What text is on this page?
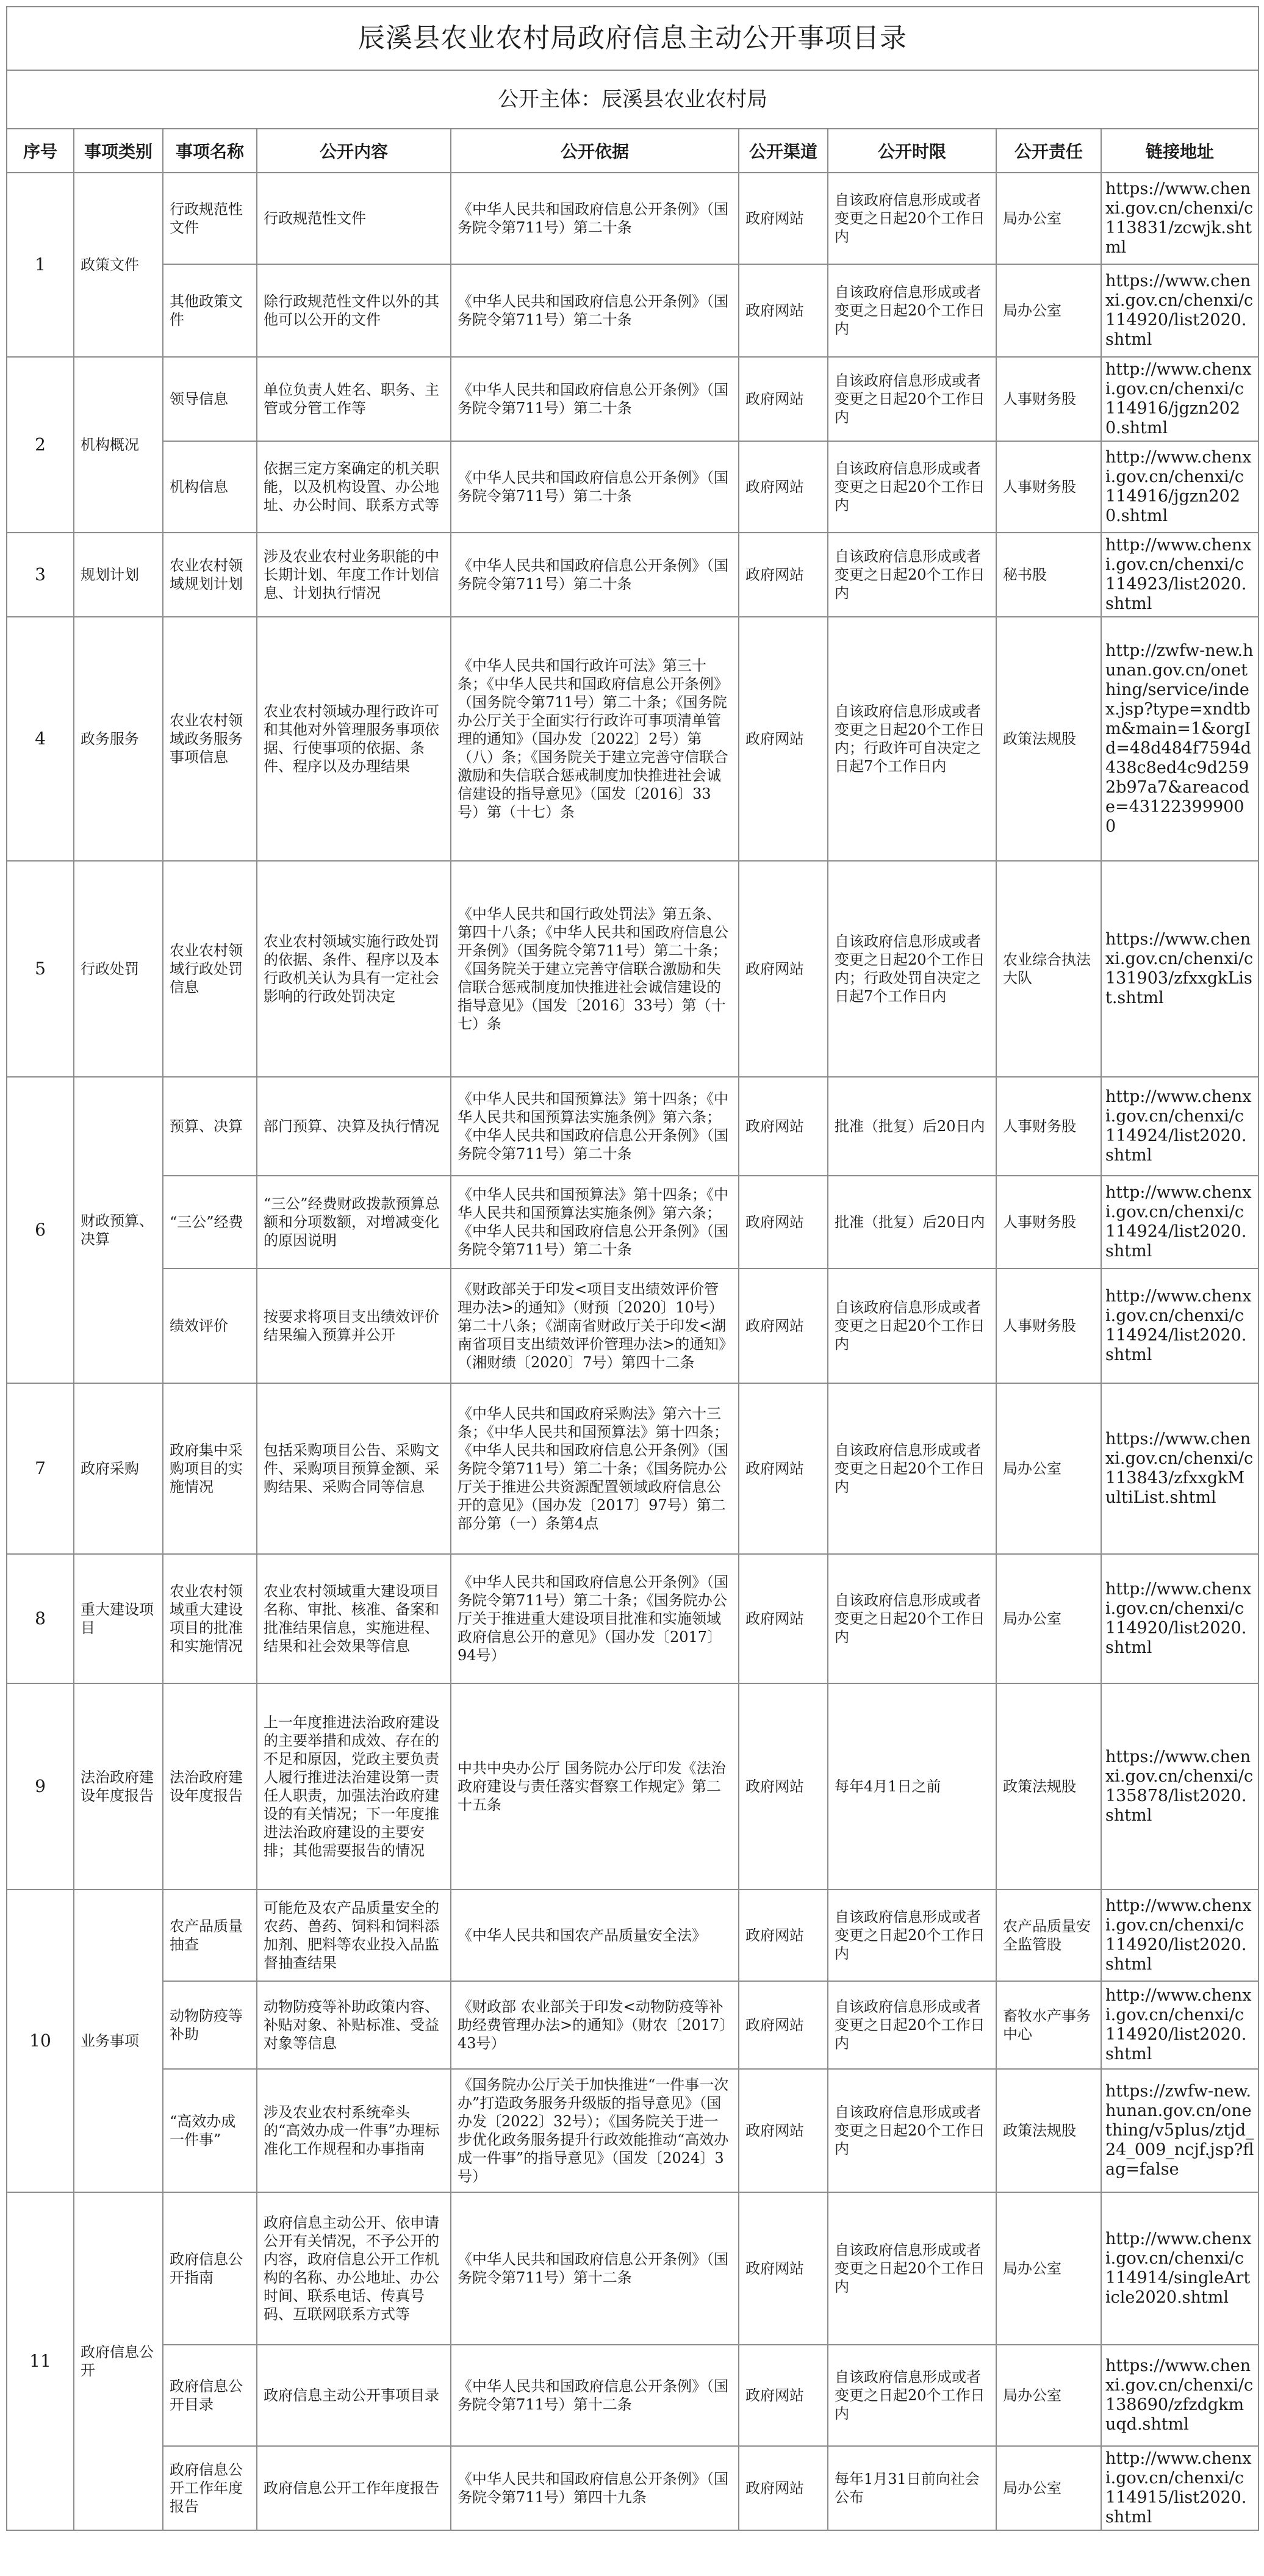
辰溪县农业农村局政府信息主动公开事项目录								
公开主体：辰溪县农业农村局								
序号	事项类别	事项名称	公开内容	公开依据	公开渠道	公开时限	公开责任	链接地址
1	政策文件	行政规范性文件	行政规范性文件	《中华人民共和国政府信息公开条例》（国务院令第711号）第二十条	政府网站	自该政府信息形成或者变更之日起20个工作日内	局办公室	https://www.chenxi.gov.cn/chenxi/c113831/zcwjk.shtml
		其他政策文件	除行政规范性文件以外的其他可以公开的文件	《中华人民共和国政府信息公开条例》（国务院令第711号）第二十条	政府网站	自该政府信息形成或者变更之日起20个工作日内	局办公室	https://www.chenxi.gov.cn/chenxi/c114920/list2020.shtml
2	机构概况	领导信息	单位负责人姓名、职务、主管或分管工作等	《中华人民共和国政府信息公开条例》（国务院令第711号）第二十条	政府网站	自该政府信息形成或者变更之日起20个工作日内	人事财务股	http://www.chenxi.gov.cn/chenxi/c114916/jgzn2020.shtml
		机构信息	依据三定方案确定的机关职能，以及机构设置、办公地址、办公时间、联系方式等	《中华人民共和国政府信息公开条例》（国务院令第711号）第二十条	政府网站	自该政府信息形成或者变更之日起20个工作日内	人事财务股	http://www.chenxi.gov.cn/chenxi/c114916/jgzn2020.shtml
3	规划计划	农业农村领域规划计划	涉及农业农村业务职能的中长期计划、年度工作计划信息、计划执行情况	《中华人民共和国政府信息公开条例》（国务院令第711号）第二十条	政府网站	自该政府信息形成或者变更之日起20个工作日内	秘书股	http://www.chenxi.gov.cn/chenxi/c114923/list2020.shtml
4	政务服务	农业农村领域政务服务事项信息	农业农村领域办理行政许可和其他对外管理服务事项依据、行使事项的依据、条件、程序以及办理结果	《中华人民共和国行政许可法》第三十条；《中华人民共和国政府信息公开条例》（国务院令第711号）第二十条；《国务院办公厅关于全面实行行政许可事项清单管理的通知》（国办发〔2022〕2号）第（八）条；《国务院关于建立完善守信联合激励和失信联合惩戒制度加快推进社会诚信建设的指导意见》（国发〔2016〕33号）第（十七）条	政府网站	自该政府信息形成或者变更之日起20个工作日内；行政许可自决定之日起7个工作日内	政策法规股	http://zwfw-new.hunan.gov.cn/onething/service/index.jsp?type=xndtbm&main=1&orgId=48d484f7594d438c8ed4c9d2592b97a7&areacode=431223999000
5	行政处罚	农业农村领域行政处罚信息	农业农村领域实施行政处罚的依据、条件、程序以及本行政机关认为具有一定社会影响的行政处罚决定	《中华人民共和国行政处罚法》第五条、第四十八条；《中华人民共和国政府信息公开条例》（国务院令第711号）第二十条；《国务院关于建立完善守信联合激励和失信联合惩戒制度加快推进社会诚信建设的指导意见》（国发〔2016〕33号）第（十七）条	政府网站	自该政府信息形成或者变更之日起20个工作日内；行政处罚自决定之日起7个工作日内	农业综合执法大队	https://www.chenxi.gov.cn/chenxi/c131903/zfxxgkList.shtml
6	财政预算、决算	预算、决算	部门预算、决算及执行情况	《中华人民共和国预算法》第十四条；《中华人民共和国预算法实施条例》第六条；《中华人民共和国政府信息公开条例》（国务院令第711号）第二十条	政府网站	批准（批复）后20日内	人事财务股	http://www.chenxi.gov.cn/chenxi/c114924/list2020.shtml
		“三公”经费	“三公”经费财政拨款预算总额和分项数额，对增减变化的原因说明	《中华人民共和国预算法》第十四条；《中华人民共和国预算法实施条例》第六条；《中华人民共和国政府信息公开条例》（国务院令第711号）第二十条	政府网站	批准（批复）后20日内	人事财务股	http://www.chenxi.gov.cn/chenxi/c114924/list2020.shtml
		绩效评价	按要求将项目支出绩效评价结果编入预算并公开	《财政部关于印发<项目支出绩效评价管理办法>的通知》（财预〔2020〕10号）第二十八条；《湖南省财政厅关于印发<湖南省项目支出绩效评价管理办法>的通知》（湘财绩〔2020〕7号）第四十二条	政府网站	自该政府信息形成或者变更之日起20个工作日内	人事财务股	http://www.chenxi.gov.cn/chenxi/c114924/list2020.shtml
7	政府采购	政府集中采购项目的实施情况	包括采购项目公告、采购文件、采购项目预算金额、采购结果、采购合同等信息	《中华人民共和国政府采购法》第六十三条；《中华人民共和国预算法》第十四条；《中华人民共和国政府信息公开条例》（国务院令第711号）第二十条；《国务院办公厅关于推进公共资源配置领域政府信息公开的意见》（国办发〔2017〕97号）第二部分第（一）条第4点	政府网站	自该政府信息形成或者变更之日起20个工作日内	局办公室	https://www.chenxi.gov.cn/chenxi/c113843/zfxxgkMultiList.shtml
8	重大建设项目	农业农村领域重大建设项目的批准和实施情况	农业农村领域重大建设项目名称、审批、核准、备案和批准结果信息，实施进程、结果和社会效果等信息	《中华人民共和国政府信息公开条例》（国务院令第711号）第二十条；《国务院办公厅关于推进重大建设项目批准和实施领域政府信息公开的意见》（国办发〔2017〕94号）	政府网站	自该政府信息形成或者变更之日起20个工作日内	局办公室	http://www.chenxi.gov.cn/chenxi/c114920/list2020.shtml
9	法治政府建设年度报告	法治政府建设年度报告	上一年度推进法治政府建设的主要举措和成效、存在的不足和原因，党政主要负责人履行推进法治建设第一责任人职责，加强法治政府建设的有关情况；下一年度推进法治政府建设的主要安排；其他需要报告的情况	中共中央办公厅 国务院办公厅印发《法治政府建设与责任落实督察工作规定》第二十五条	政府网站	每年4月1日之前	政策法规股	https://www.chenxi.gov.cn/chenxi/c135878/list2020.shtml
10	业务事项	农产品质量抽查	可能危及农产品质量安全的农药、兽药、饲料和饲料添加剂、肥料等农业投入品监督抽查结果	《中华人民共和国农产品质量安全法》	政府网站	自该政府信息形成或者变更之日起20个工作日内	农产品质量安全监管股	http://www.chenxi.gov.cn/chenxi/c114920/list2020.shtml
		动物防疫等补助	动物防疫等补助政策内容、补贴对象、补贴标准、受益对象等信息	《财政部 农业部关于印发<动物防疫等补助经费管理办法>的通知》（财农〔2017〕43号）	政府网站	自该政府信息形成或者变更之日起20个工作日内	畜牧水产事务中心	http://www.chenxi.gov.cn/chenxi/c114920/list2020.shtml
		“高效办成一件事”	涉及农业农村系统牵头的“高效办成一件事”办理标准化工作规程和办事指南	《国务院办公厅关于加快推进“一件事一次办”打造政务服务升级版的指导意见》（国办发〔2022〕32号）；《国务院关于进一步优化政务服务提升行政效能推动“高效办成一件事”的指导意见》（国发〔2024〕3号）	政府网站	自该政府信息形成或者变更之日起20个工作日内	政策法规股	https://zwfw-new.hunan.gov.cn/onething/v5plus/ztjd_24_009_ncjf.jsp?flag=false
11	政府信息公开	政府信息公开指南	政府信息主动公开、依申请公开有关情况，不予公开的内容，政府信息公开工作机构的名称、办公地址、办公时间、联系电话、传真号码、互联网联系方式等	《中华人民共和国政府信息公开条例》（国务院令第711号）第十二条	政府网站	自该政府信息形成或者变更之日起20个工作日内	局办公室	http://www.chenxi.gov.cn/chenxi/c114914/singleArticle2020.shtml
		政府信息公开目录	政府信息主动公开事项目录	《中华人民共和国政府信息公开条例》（国务院令第711号）第十二条	政府网站	自该政府信息形成或者变更之日起20个工作日内	局办公室	https://www.chenxi.gov.cn/chenxi/c138690/zfzdgkmuqd.shtml
		政府信息公开工作年度报告	政府信息公开工作年度报告	《中华人民共和国政府信息公开条例》（国务院令第711号）第四十九条	政府网站	每年1月31日前向社会公布	局办公室	http://www.chenxi.gov.cn/chenxi/c114915/list2020.shtml
